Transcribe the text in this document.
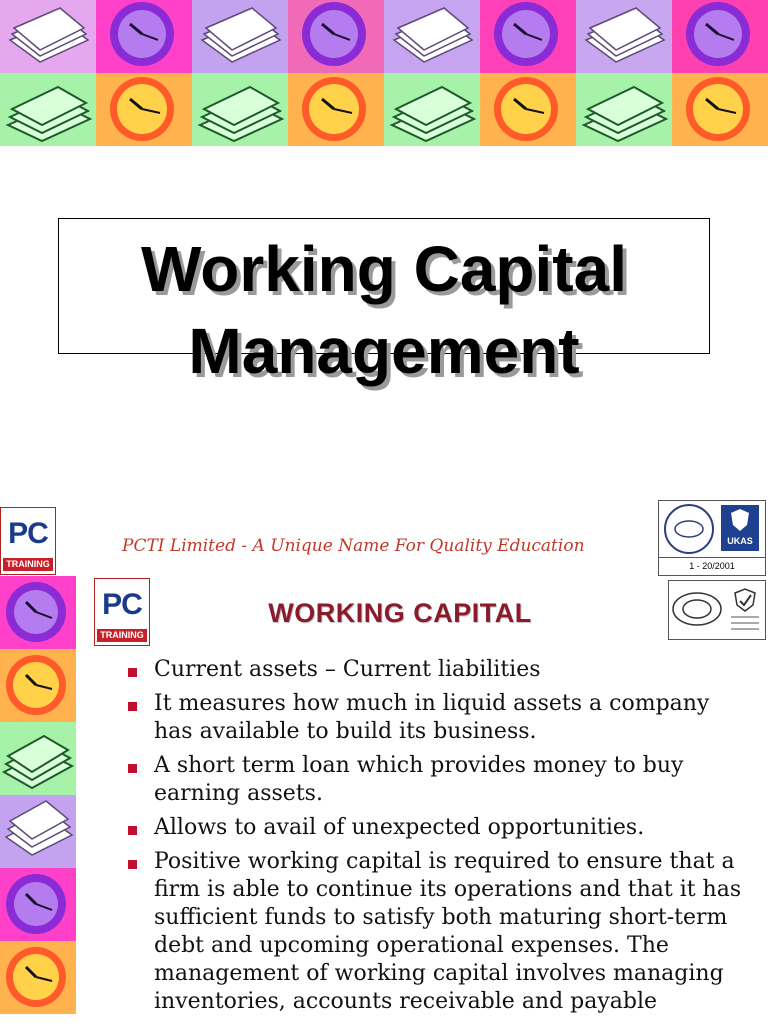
Working Capital
Management
PC
TRAINING

PCTI Limited - A Unique Name For Quality Education	UKAS
1 - 20/2001
PC
TRAINING
WORKING CAPITAL
Current assets – Current liabilities
It measures how much in liquid assets a company has available to build its business.
A short term loan which provides money to buy earning assets.
Allows to avail of unexpected opportunities.
Positive working capital is required to ensure that a firm is able to continue its operations and that it has sufficient funds to satisfy both maturing short-term debt and upcoming operational expenses. The management of working capital involves managing inventories, accounts receivable and payable
